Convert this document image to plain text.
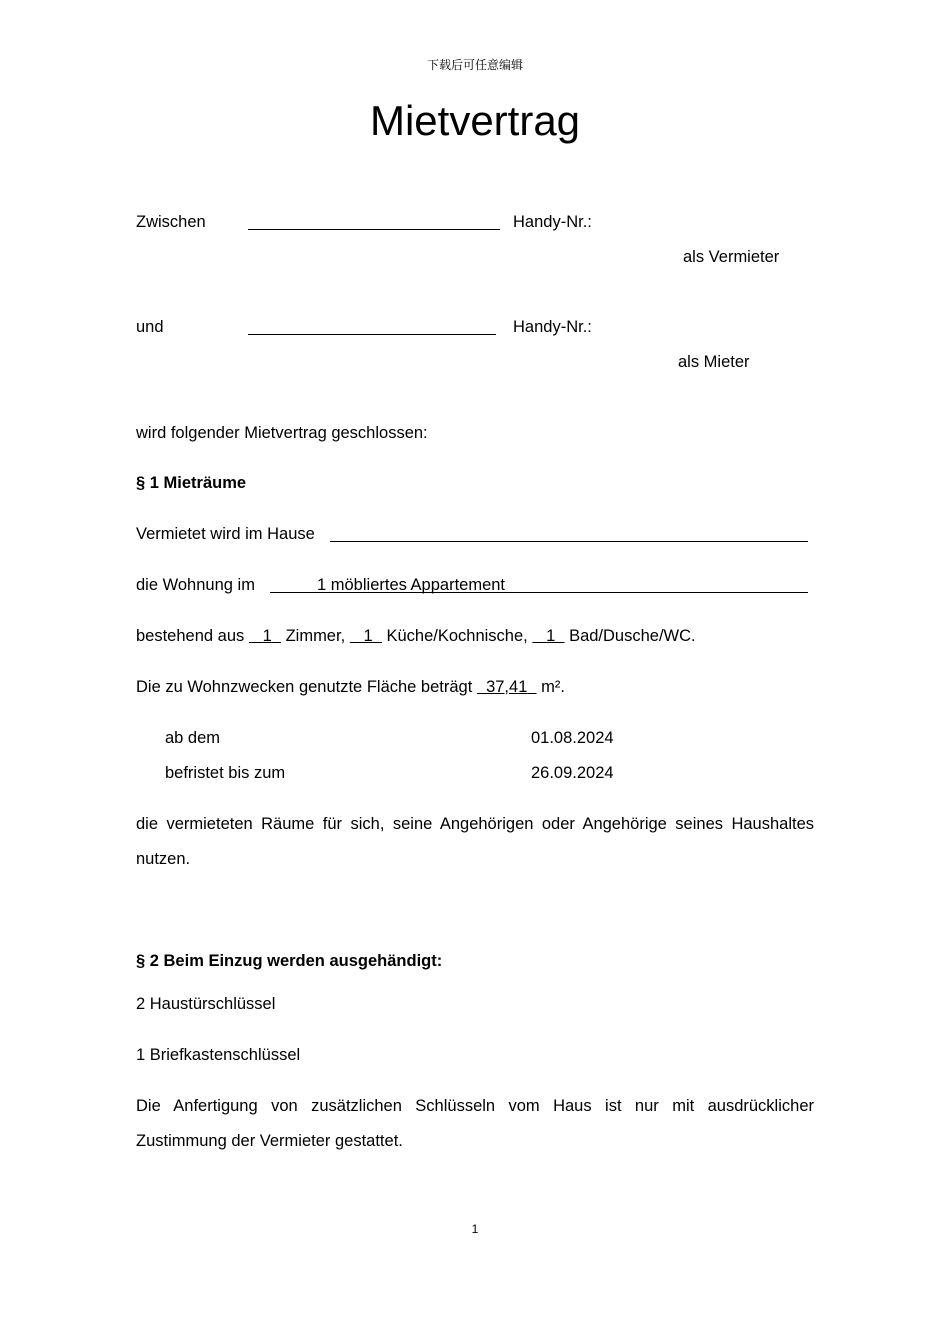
下载后可任意编辑
Mietvertrag
Zwischen	Handy-Nr.:
als Vermieter
und	Handy-Nr.:
als Mieter
wird folgender Mietvertrag geschlossen:
§ 1 Mieträume
Vermietet wird im Hause
die Wohnung im	1 möbliertes Appartement
bestehend aus 1 Zimmer, 1 Küche/Kochnische, 1 Bad/Dusche/WC.
Die zu Wohnzwecken genutzte Fläche beträgt 37,41 m².
ab dem	01.08.2024
befristet bis zum	26.09.2024
die vermieteten Räume für sich, seine Angehörigen oder Angehörige seines Haushaltes
nutzen.
§ 2 Beim Einzug werden ausgehändigt:
2 Haustürschlüssel
1 Briefkastenschlüssel
Die Anfertigung von zusätzlichen Schlüsseln vom Haus ist nur mit ausdrücklicher
Zustimmung der Vermieter gestattet.
1
